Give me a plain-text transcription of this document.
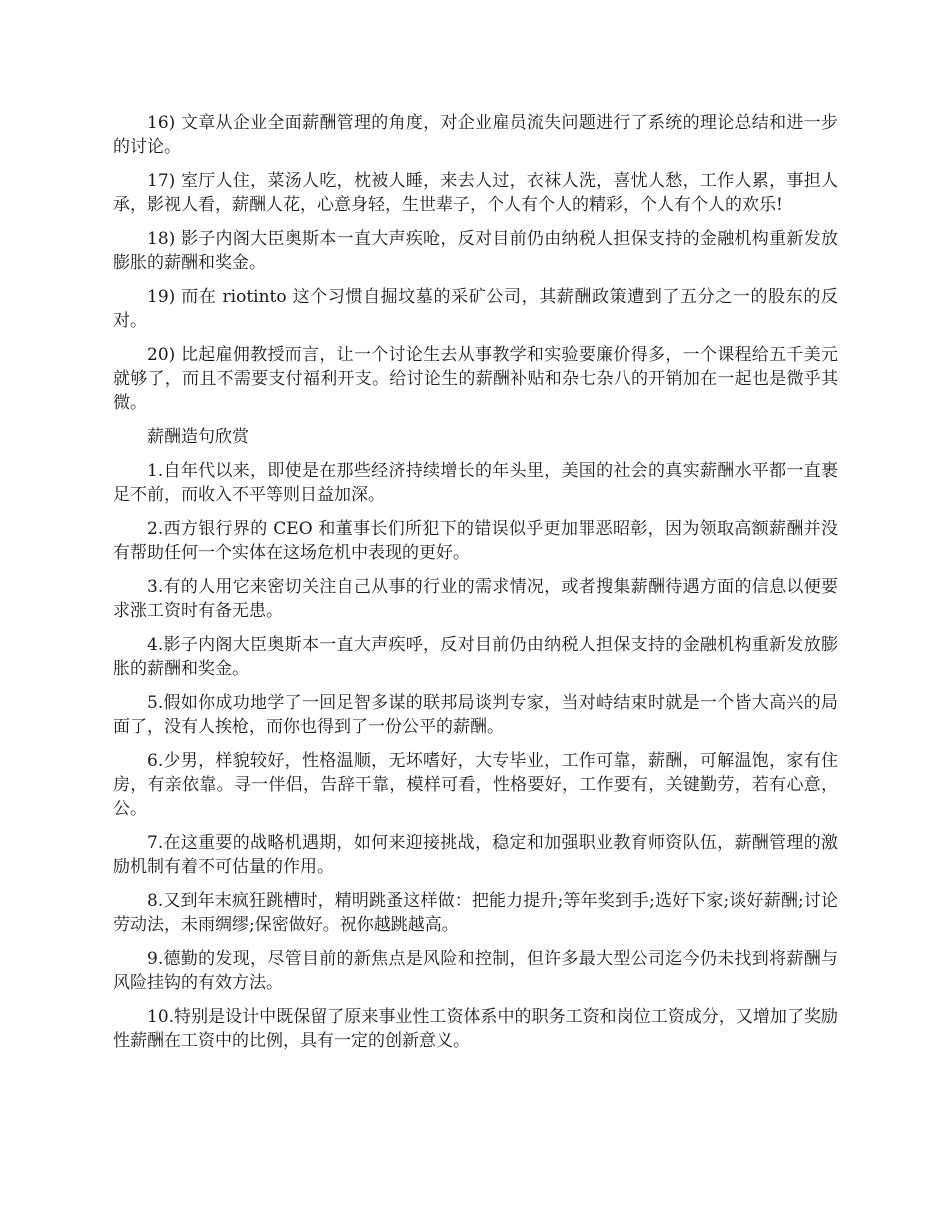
16) 文章从企业全面薪酬管理的角度，对企业雇员流失问题进行了系统的理论总结和进一步的讨论。

17) 室厅人住，菜汤人吃，枕被人睡，来去人过，衣袜人洗，喜忧人愁，工作人累，事担人承，影视人看，薪酬人花，心意身轻，生世辈子，个人有个人的精彩，个人有个人的欢乐!

18) 影子内阁大臣奥斯本一直大声疾呛，反对目前仍由纳税人担保支持的金融机构重新发放膨胀的薪酬和奖金。

19) 而在 riotinto 这个习惯自掘坟墓的采矿公司，其薪酬政策遭到了五分之一的股东的反对。

20) 比起雇佣教授而言，让一个讨论生去从事教学和实验要廉价得多，一个课程给五千美元就够了，而且不需要支付福利开支。给讨论生的薪酬补贴和杂七杂八的开销加在一起也是微乎其微。

薪酬造句欣赏

1.自年代以来，即使是在那些经济持续增长的年头里，美国的社会的真实薪酬水平都一直裹足不前，而收入不平等则日益加深。

2.西方银行界的 CEO 和董事长们所犯下的错误似乎更加罪恶昭彰，因为领取高额薪酬并没有帮助任何一个实体在这场危机中表现的更好。

3.有的人用它来密切关注自己从事的行业的需求情况，或者搜集薪酬待遇方面的信息以便要求涨工资时有备无患。

4.影子内阁大臣奥斯本一直大声疾呼，反对目前仍由纳税人担保支持的金融机构重新发放膨胀的薪酬和奖金。

5.假如你成功地学了一回足智多谋的联邦局谈判专家，当对峙结束时就是一个皆大高兴的局面了，没有人挨枪，而你也得到了一份公平的薪酬。

6.少男，样貌较好，性格温顺，无坏嗜好，大专毕业，工作可靠，薪酬，可解温饱，家有住房，有亲依靠。寻一伴侣，告辞干靠，模样可看，性格要好，工作要有，关键勤劳，若有心意，公。

7.在这重要的战略机遇期，如何来迎接挑战，稳定和加强职业教育师资队伍，薪酬管理的激励机制有着不可估量的作用。

8.又到年末疯狂跳槽时，精明跳蚤这样做：把能力提升;等年奖到手;选好下家;谈好薪酬;讨论劳动法，未雨绸缪;保密做好。祝你越跳越高。

9.德勤的发现，尽管目前的新焦点是风险和控制，但许多最大型公司迄今仍未找到将薪酬与风险挂钩的有效方法。

10.特别是设计中既保留了原来事业性工资体系中的职务工资和岗位工资成分，又增加了奖励性薪酬在工资中的比例，具有一定的创新意义。
